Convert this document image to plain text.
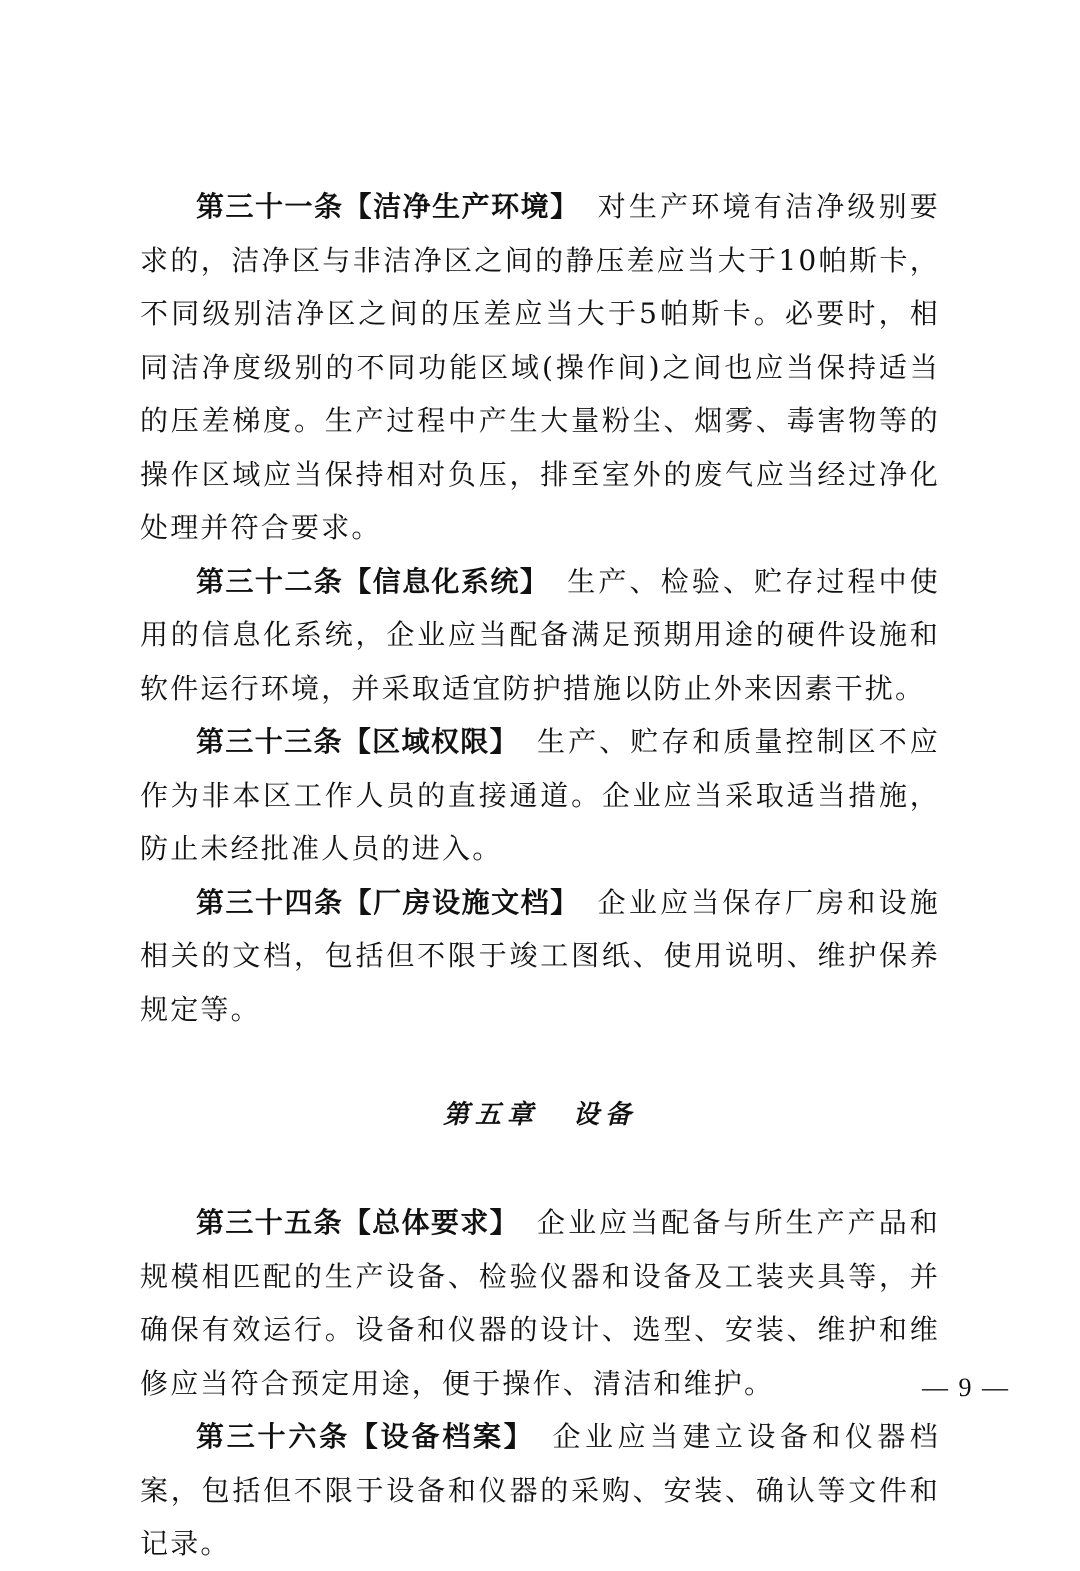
第三十一条【洁净生产环境】 对生产环境有洁净级别要求的，洁净区与非洁净区之间的静压差应当大于10帕斯卡，不同级别洁净区之间的压差应当大于5帕斯卡。必要时，相同洁净度级别的不同功能区域(操作间)之间也应当保持适当的压差梯度。生产过程中产生大量粉尘、烟雾、毒害物等的操作区域应当保持相对负压，排至室外的废气应当经过净化处理并符合要求。

第三十二条【信息化系统】 生产、检验、贮存过程中使用的信息化系统，企业应当配备满足预期用途的硬件设施和软件运行环境，并采取适宜防护措施以防止外来因素干扰。

第三十三条【区域权限】 生产、贮存和质量控制区不应作为非本区工作人员的直接通道。企业应当采取适当措施，防止未经批准人员的进入。

第三十四条【厂房设施文档】 企业应当保存厂房和设施相关的文档，包括但不限于竣工图纸、使用说明、维护保养规定等。

第五章 设备

第三十五条【总体要求】 企业应当配备与所生产产品和规模相匹配的生产设备、检验仪器和设备及工装夹具等，并确保有效运行。设备和仪器的设计、选型、安装、维护和维修应当符合预定用途，便于操作、清洁和维护。

第三十六条【设备档案】 企业应当建立设备和仪器档案，包括但不限于设备和仪器的采购、安装、确认等文件和记录。

— 9 —
